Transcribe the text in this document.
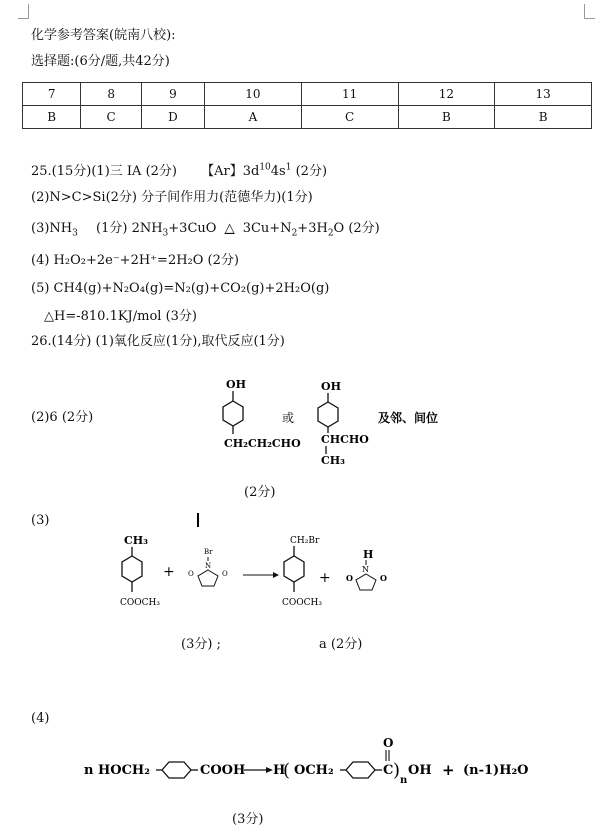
化学参考答案(皖南八校):
选择题:(6分/题,共42分)
7	8	9	10	11	12	13
B	C	D	A	C	B	B
25.(15分)(1)三 IA (2分) 【Ar】$3d^{10}4s^1$ (2分)
(2)N>C>Si(2分) 分子间作用力(范德华力)(1分)
$(3)NH_3$ (1分) $2NH_3+3CuO$ △ $3Cu+N_2+3H_2O$ (2分)
(4) H₂O₂+2e⁻+2H⁺=2H₂O (2分)
(5) CH4(g)+N₂O₄(g)=N₂(g)+CO₂(g)+2H₂O(g)
△H=-810.1KJ/mol (3分)
26.(14分) (1)氧化反应(1分),取代反应(1分)
(2)6 (2分)
OH
CH₂CH₂CHO
或
OH
CHCHO
CH₃
及邻、间位
(2分)
(3)
CH₃
COOCH₃
+
Br
N
O	O
CH₂Br
COOCH₃
+
H
N
O	O
(3分) ;	a (2分)
(4)
n HOCH₂	COOH H
( OCH₂	C
O
) n
OH + (n-1)H₂O
(3分)
